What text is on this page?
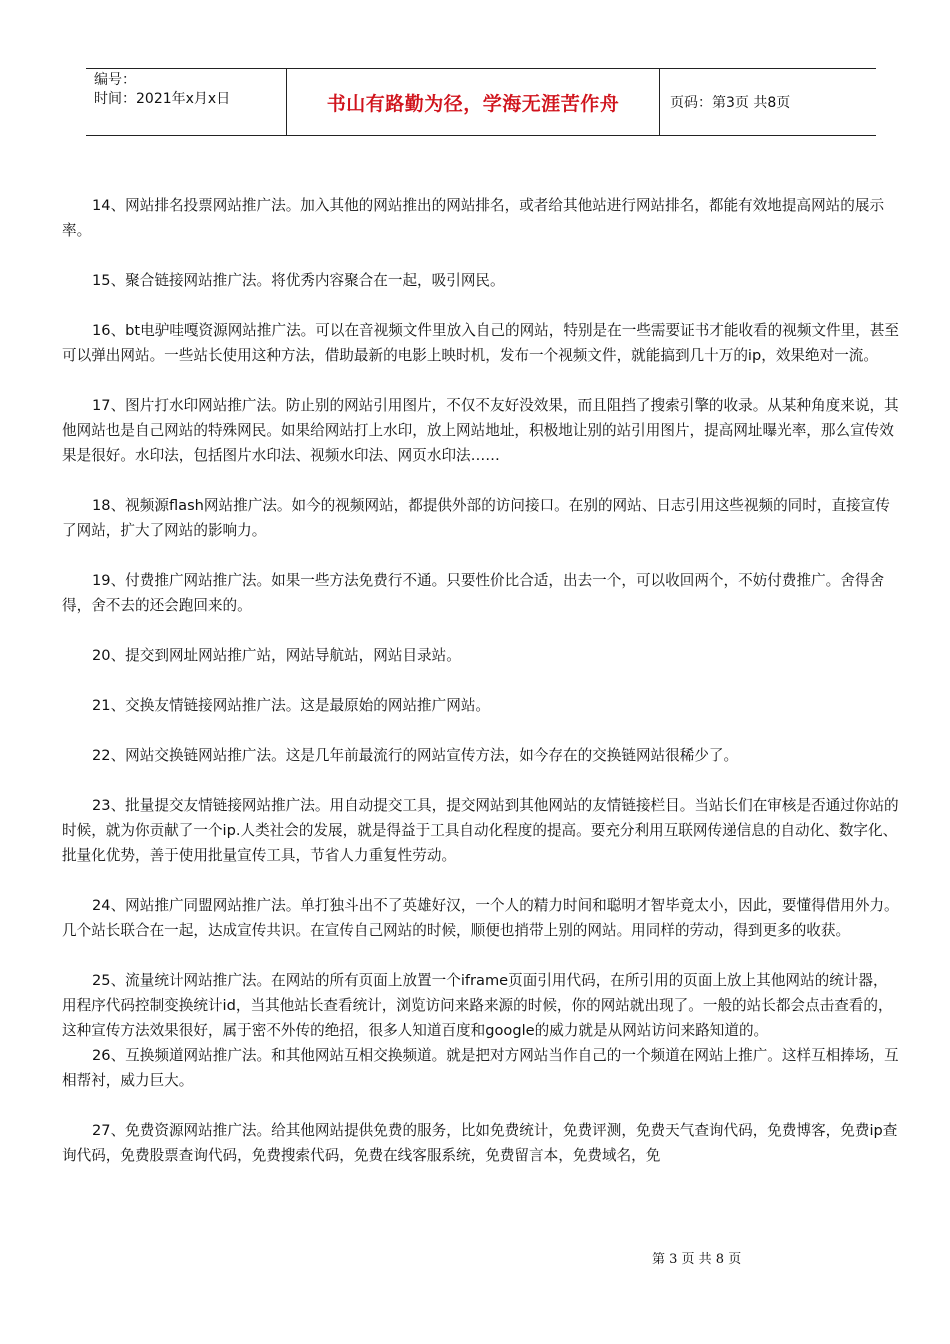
编号：
时间：2021年x月x日	书山有路勤为径，学海无涯苦作舟	页码：第3页 共8页

14、网站排名投票网站推广法。加入其他的网站推出的网站排名，或者给其他站进行网站排名，都能有效地提高网站的展示率。

15、聚合链接网站推广法。将优秀内容聚合在一起，吸引网民。

16、bt电驴哇嘎资源网站推广法。可以在音视频文件里放入自己的网站，特别是在一些需要证书才能收看的视频文件里，甚至可以弹出网站。一些站长使用这种方法，借助最新的电影上映时机，发布一个视频文件，就能搞到几十万的ip，效果绝对一流。

17、图片打水印网站推广法。防止别的网站引用图片，不仅不友好没效果，而且阻挡了搜索引擎的收录。从某种角度来说，其他网站也是自己网站的特殊网民。如果给网站打上水印，放上网站地址，积极地让别的站引用图片，提高网址曝光率，那么宣传效果是很好。水印法，包括图片水印法、视频水印法、网页水印法……

18、视频源flash网站推广法。如今的视频网站，都提供外部的访问接口。在别的网站、日志引用这些视频的同时，直接宣传了网站，扩大了网站的影响力。

19、付费推广网站推广法。如果一些方法免费行不通。只要性价比合适，出去一个，可以收回两个，不妨付费推广。舍得舍得，舍不去的还会跑回来的。

20、提交到网址网站推广站，网站导航站，网站目录站。

21、交换友情链接网站推广法。这是最原始的网站推广网站。

22、网站交换链网站推广法。这是几年前最流行的网站宣传方法，如今存在的交换链网站很稀少了。

23、批量提交友情链接网站推广法。用自动提交工具，提交网站到其他网站的友情链接栏目。当站长们在审核是否通过你站的时候，就为你贡献了一个ip.人类社会的发展，就是得益于工具自动化程度的提高。要充分利用互联网传递信息的自动化、数字化、批量化优势，善于使用批量宣传工具，节省人力重复性劳动。

24、网站推广同盟网站推广法。单打独斗出不了英雄好汉，一个人的精力时间和聪明才智毕竟太小，因此，要懂得借用外力。几个站长联合在一起，达成宣传共识。在宣传自己网站的时候，顺便也捎带上别的网站。用同样的劳动，得到更多的收获。

25、流量统计网站推广法。在网站的所有页面上放置一个iframe页面引用代码，在所引用的页面上放上其他网站的统计器，用程序代码控制变换统计id，当其他站长查看统计，浏览访问来路来源的时候，你的网站就出现了。一般的站长都会点击查看的，这种宣传方法效果很好，属于密不外传的绝招，很多人知道百度和google的威力就是从网站访问来路知道的。

26、互换频道网站推广法。和其他网站互相交换频道。就是把对方网站当作自己的一个频道在网站上推广。这样互相捧场，互相帮衬，威力巨大。

27、免费资源网站推广法。给其他网站提供免费的服务，比如免费统计，免费评测，免费天气查询代码，免费博客，免费ip查询代码，免费股票查询代码，免费搜索代码，免费在线客服系统，免费留言本，免费域名，免

第 3 页 共 8 页
